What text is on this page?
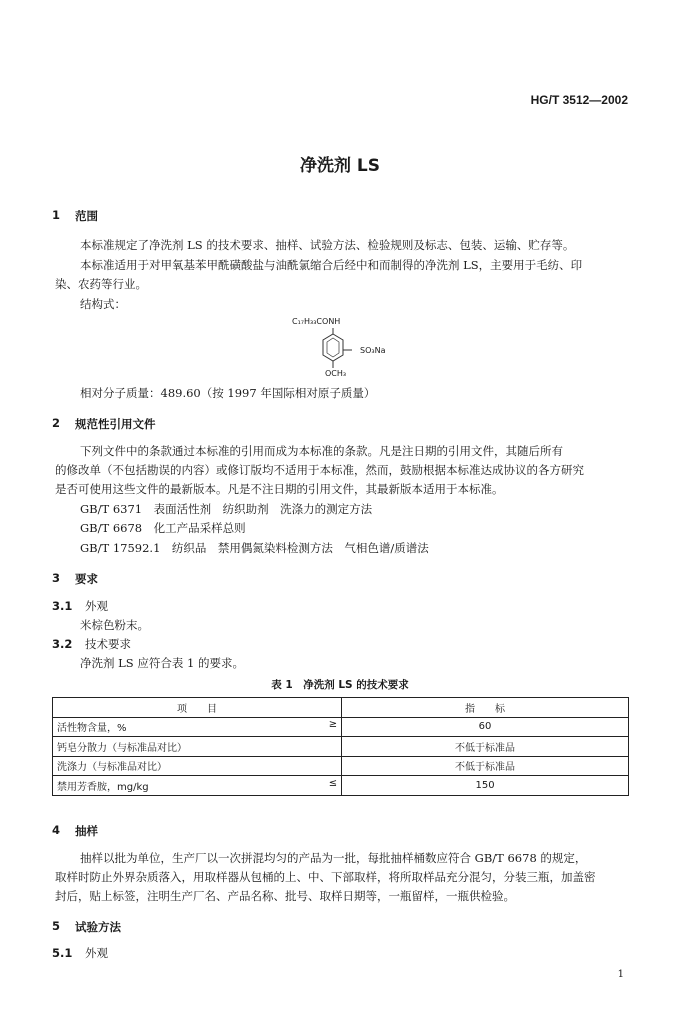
HG/T 3512—2002
净洗剂 LS
1 范围
本标准规定了净洗剂 LS 的技术要求、抽样、试验方法、检验规则及标志、包装、运输、贮存等。
本标准适用于对甲氧基苯甲酰磺酸盐与油酰氯缩合后经中和而制得的净洗剂 LS，主要用于毛纺、印
染、农药等行业。
结构式：
C₁₇H₃₃CONH
SO₃Na
OCH₃
相对分子质量：489.60（按 1997 年国际相对原子质量）
2 规范性引用文件
下列文件中的条款通过本标准的引用而成为本标准的条款。凡是注日期的引用文件，其随后所有
的修改单（不包括勘误的内容）或修订版均不适用于本标准，然而，鼓励根据本标准达成协议的各方研究
是否可使用这些文件的最新版本。凡是不注日期的引用文件，其最新版本适用于本标准。
GB/T 6371　表面活性剂　纺织助剂　洗涤力的测定方法
GB/T 6678　化工产品采样总则
GB/T 17592.1　纺织品　禁用偶氮染料检测方法　气相色谱/质谱法
3 要求
3.1 外观
米棕色粉末。
3.2 技术要求
净洗剂 LS 应符合表 1 的要求。
表 1　净洗剂 LS 的技术要求
项　　目	指　　标

活性物含量，% ≥	60

钙皂分散力（与标准品对比）	不低于标准品

洗涤力（与标准品对比）	不低于标准品

禁用芳香胺，mg/kg ≤	150
4 抽样
抽样以批为单位，生产厂以一次拼混均匀的产品为一批，每批抽样桶数应符合 GB/T 6678 的规定，
取样时防止外界杂质落入，用取样器从包桶的上、中、下部取样，将所取样品充分混匀，分装三瓶，加盖密
封后，贴上标签，注明生产厂名、产品名称、批号、取样日期等，一瓶留样，一瓶供检验。
5 试验方法
5.1 外观
1
